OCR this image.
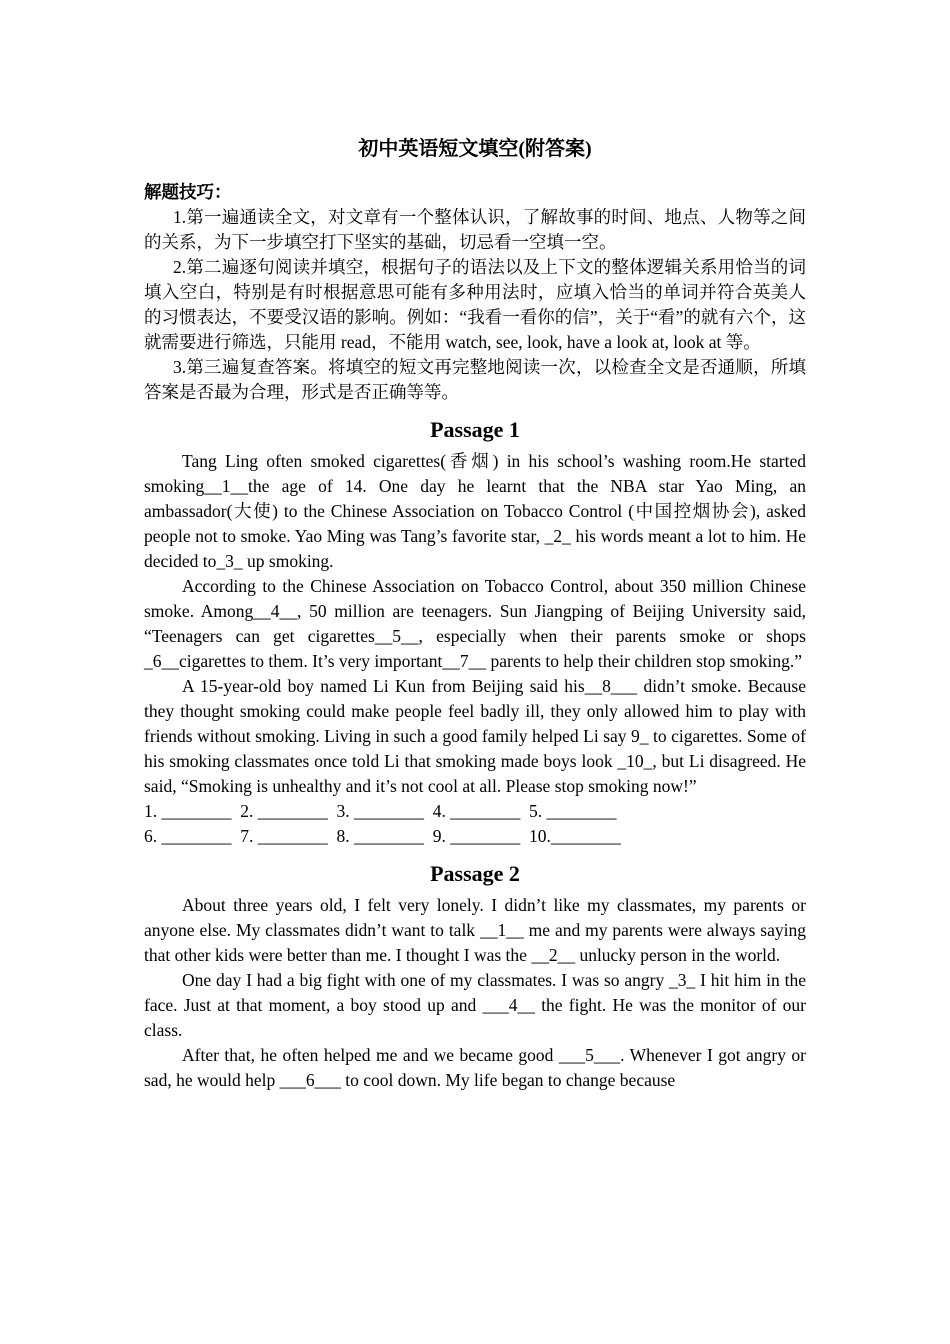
初中英语短文填空(附答案)
解题技巧：

1.第一遍通读全文，对文章有一个整体认识，了解故事的时间、地点、人物等之间的关系，为下一步填空打下坚实的基础，切忌看一空填一空。

2.第二遍逐句阅读并填空，根据句子的语法以及上下文的整体逻辑关系用恰当的词填入空白，特别是有时根据意思可能有多种用法时，应填入恰当的单词并符合英美人的习惯表达，不要受汉语的影响。例如：“我看一看你的信”，关于“看”的就有六个，这就需要进行筛选，只能用 read，不能用 watch, see, look, have a look at, look at 等。

3.第三遍复查答案。将填空的短文再完整地阅读一次，以检查全文是否通顺，所填答案是否最为合理，形式是否正确等等。

Passage 1

Tang Ling often smoked cigarettes(香烟) in his school’s washing room.He started smoking__1__the age of 14. One day he learnt that the NBA star Yao Ming, an ambassador(大使) to the Chinese Association on Tobacco Control (中国控烟协会), asked people not to smoke. Yao Ming was Tang’s favorite star, _2_ his words meant a lot to him. He decided to_3_ up smoking.

According to the Chinese Association on Tobacco Control, about 350 million Chinese smoke. Among__4__, 50 million are teenagers. Sun Jiangping of Beijing University said, “Teenagers can get cigarettes__5__, especially when their parents smoke or shops _6__cigarettes to them. It’s very important__7__ parents to help their children stop smoking.”

A 15-year-old boy named Li Kun from Beijing said his__8___ didn’t smoke. Because they thought smoking could make people feel badly ill, they only allowed him to play with friends without smoking. Living in such a good family helped Li say 9_ to cigarettes. Some of his smoking classmates once told Li that smoking made boys look _10_, but Li disagreed. He said, “Smoking is unhealthy and it’s not cool at all. Please stop smoking now!”

1. ________  2. ________  3. ________  4. ________  5. ________
6. ________  7. ________  8. ________  9. ________  10.________
Passage 2

About three years old, I felt very lonely. I didn’t like my classmates, my parents or anyone else. My classmates didn’t want to talk __1__ me and my parents were always saying that other kids were better than me. I thought I was the __2__ unlucky person in the world.

One day I had a big fight with one of my classmates. I was so angry _3_ I hit him in the face. Just at that moment, a boy stood up and ___4__ the fight. He was the monitor of our class.

After that, he often helped me and we became good ___5___. Whenever I got angry or sad, he would help ___6___ to cool down. My life began to change because
